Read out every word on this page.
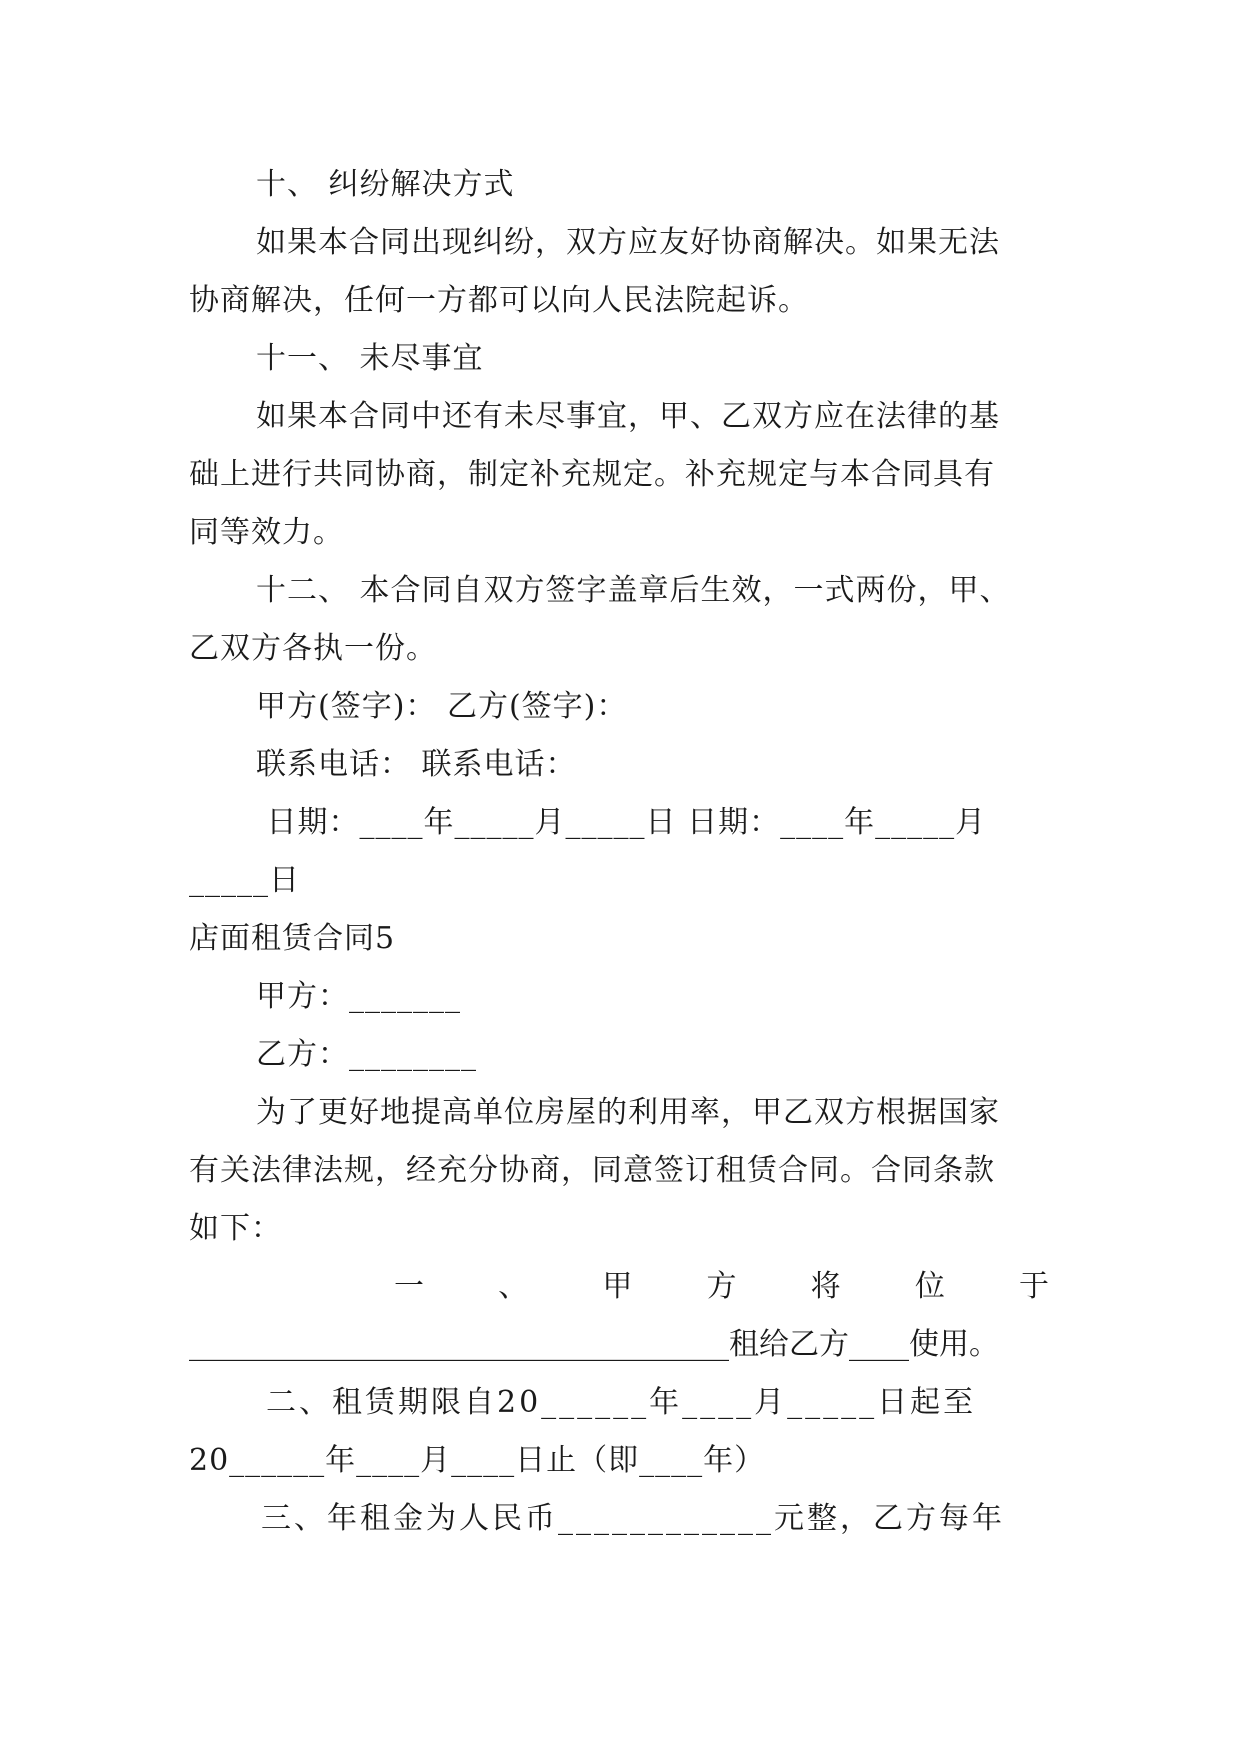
十、 纠纷解决方式
如果本合同出现纠纷，双方应友好协商解决。如果无法
协商解决，任何一方都可以向人民法院起诉。
十一、 未尽事宜
如果本合同中还有未尽事宜，甲、乙双方应在法律的基
础上进行共同协商，制定补充规定。补充规定与本合同具有
同等效力。
十二、 本合同自双方签字盖章后生效，一式两份，甲、
乙双方各执一份。
甲方(签字)： 乙方(签字)：
联系电话： 联系电话：
日期：____年_____月_____日 日期：____年_____月
_____日
店面租赁合同5
甲方：_______
乙方：________
为了更好地提高单位房屋的利用率，甲乙双方根据国家
有关法律法规，经充分协商，同意签订租赁合同。合同条款
如下：
一 、 甲 方 将 位 于
____________________________________租给乙方____使用。
二、租赁期限自20______年____月_____日起至
20______年____月____日止（即____年）
三、年租金为人民币____________元整，乙方每年
